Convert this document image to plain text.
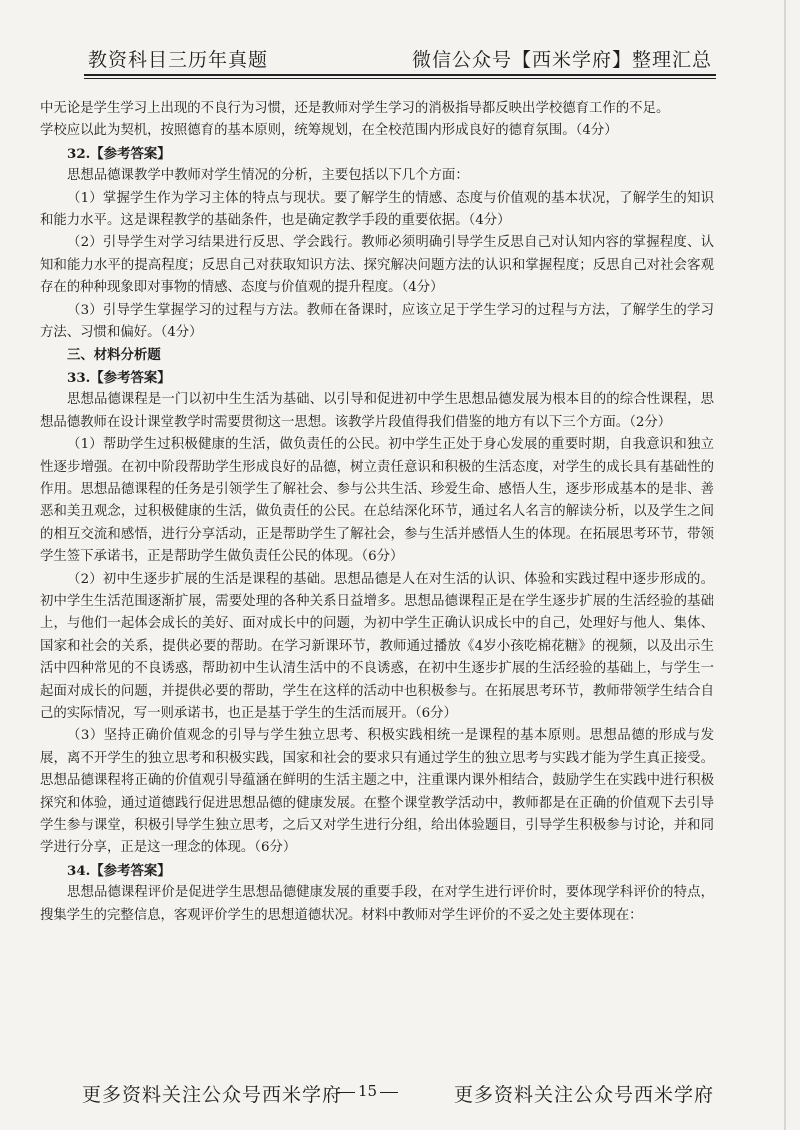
教资科目三历年真题	微信公众号【西米学府】整理汇总

中无论是学生学习上出现的不良行为习惯，还是教师对学生学习的消极指导都反映出学校德育工作的不足。

学校应以此为契机，按照德育的基本原则，统筹规划，在全校范围内形成良好的德育氛围。（4分）

32.【参考答案】

思想品德课教学中教师对学生情况的分析，主要包括以下几个方面：

（1）掌握学生作为学习主体的特点与现状。要了解学生的情感、态度与价值观的基本状况，了解学生的知识和能力水平。这是课程教学的基础条件，也是确定教学手段的重要依据。（4分）

（2）引导学生对学习结果进行反思、学会践行。教师必须明确引导学生反思自己对认知内容的掌握程度、认知和能力水平的提高程度；反思自己对获取知识方法、探究解决问题方法的认识和掌握程度；反思自己对社会客观存在的种种现象即对事物的情感、态度与价值观的提升程度。（4分）

（3）引导学生掌握学习的过程与方法。教师在备课时，应该立足于学生学习的过程与方法，了解学生的学习方法、习惯和偏好。（4分）

三、材料分析题

33.【参考答案】

思想品德课程是一门以初中生生活为基础、以引导和促进初中学生思想品德发展为根本目的的综合性课程，思想品德教师在设计课堂教学时需要贯彻这一思想。该教学片段值得我们借鉴的地方有以下三个方面。（2分）

（1）帮助学生过积极健康的生活，做负责任的公民。初中学生正处于身心发展的重要时期，自我意识和独立性逐步增强。在初中阶段帮助学生形成良好的品德，树立责任意识和积极的生活态度，对学生的成长具有基础性的作用。思想品德课程的任务是引领学生了解社会、参与公共生活、珍爱生命、感悟人生，逐步形成基本的是非、善恶和美丑观念，过积极健康的生活，做负责任的公民。在总结深化环节，通过名人名言的解读分析，以及学生之间的相互交流和感悟，进行分享活动，正是帮助学生了解社会，参与生活并感悟人生的体现。在拓展思考环节，带领学生签下承诺书，正是帮助学生做负责任公民的体现。（6分）

（2）初中生逐步扩展的生活是课程的基础。思想品德是人在对生活的认识、体验和实践过程中逐步形成的。初中学生生活范围逐渐扩展，需要处理的各种关系日益增多。思想品德课程正是在学生逐步扩展的生活经验的基础上，与他们一起体会成长的美好、面对成长中的问题，为初中学生正确认识成长中的自己，处理好与他人、集体、国家和社会的关系，提供必要的帮助。在学习新课环节，教师通过播放《4岁小孩吃棉花糖》的视频，以及出示生活中四种常见的不良诱惑，帮助初中生认清生活中的不良诱惑，在初中生逐步扩展的生活经验的基础上，与学生一起面对成长的问题，并提供必要的帮助，学生在这样的活动中也积极参与。在拓展思考环节，教师带领学生结合自己的实际情况，写一则承诺书，也正是基于学生的生活而展开。（6分）

（3）坚持正确价值观念的引导与学生独立思考、积极实践相统一是课程的基本原则。思想品德的形成与发展，离不开学生的独立思考和积极实践，国家和社会的要求只有通过学生的独立思考与实践才能为学生真正接受。思想品德课程将正确的价值观引导蕴涵在鲜明的生活主题之中，注重课内课外相结合，鼓励学生在实践中进行积极探究和体验，通过道德践行促进思想品德的健康发展。在整个课堂教学活动中，教师都是在正确的价值观下去引导学生参与课堂，积极引导学生独立思考，之后又对学生进行分组，给出体验题目，引导学生积极参与讨论，并和同学进行分享，正是这一理念的体现。（6分）

34.【参考答案】

思想品德课程评价是促进学生思想品德健康发展的重要手段，在对学生进行评价时，要体现学科评价的特点，搜集学生的完整信息，客观评价学生的思想道德状况。材料中教师对学生评价的不妥之处主要体现在：

更多资料关注公众号西米学府	15	更多资料关注公众号西米学府
